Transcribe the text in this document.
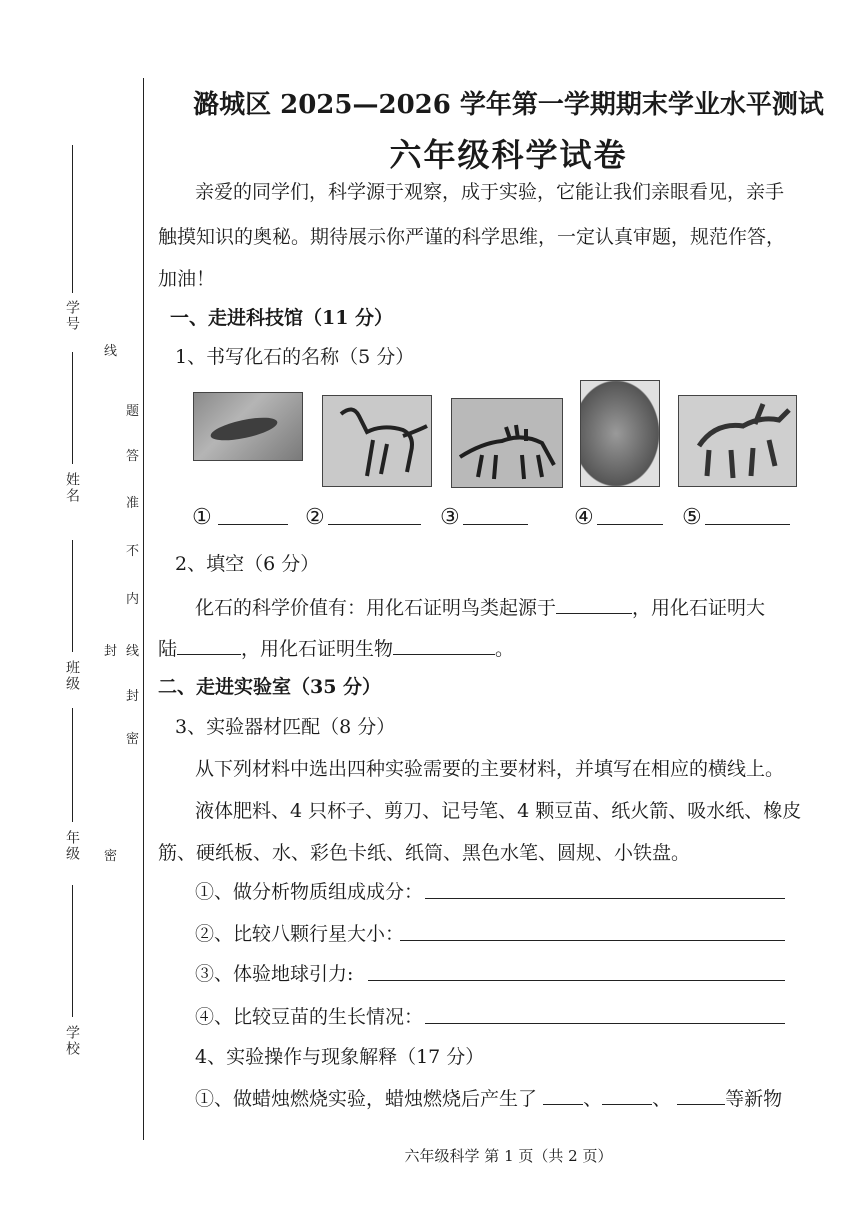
学号
姓名
班级
年级
学校
线
题
答
准
不
内
封 线
封
密
密
潞城区 2025—2026 学年第一学期期末学业水平测试
六年级科学试卷
亲爱的同学们，科学源于观察，成于实验，它能让我们亲眼看见，亲手
触摸知识的奥秘。期待展示你严谨的科学思维，一定认真审题，规范作答，
加油！
一、走进科技馆（11 分）
1、书写化石的名称（5 分）
①	②	③	④	⑤
2、填空（6 分）
化石的科学价值有：用化石证明鸟类起源于	，用化石证明大
陆	，用化石证明生物	。
二、走进实验室（35 分）
3、实验器材匹配（8 分）
从下列材料中选出四种实验需要的主要材料，并填写在相应的横线上。
液体肥料、4 只杯子、剪刀、记号笔、4 颗豆苗、纸火箭、吸水纸、橡皮
筋、硬纸板、水、彩色卡纸、纸筒、黑色水笔、圆规、小铁盘。
①、做分析物质组成成分：
②、比较八颗行星大小：
③、体验地球引力:
④、比较豆苗的生长情况：
4、实验操作与现象解释（17 分）
①、做蜡烛燃烧实验，蜡烛燃烧后产生了 、	、	等新物
六年级科学 第 1 页（共 2 页）
